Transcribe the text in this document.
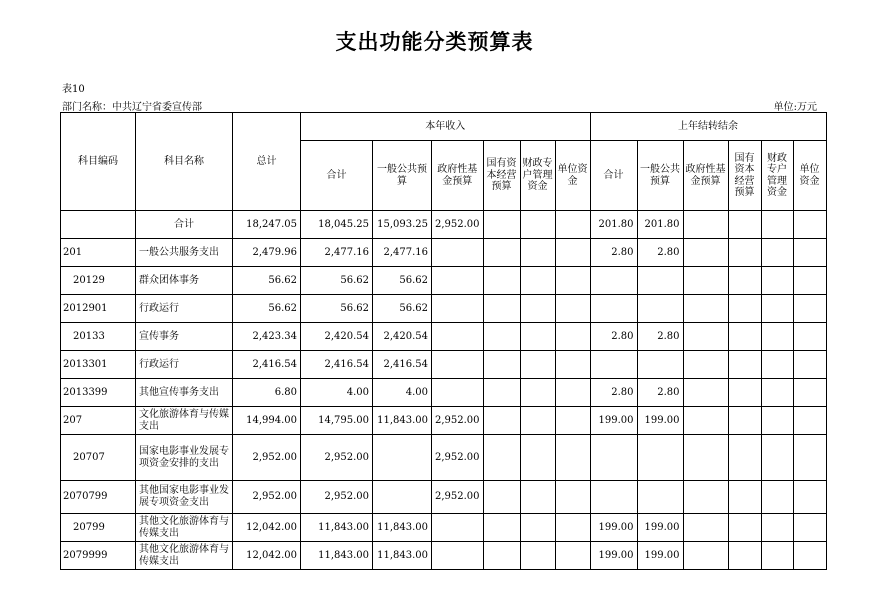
支出功能分类预算表
表10
部门名称：中共辽宁省委宣传部	单位:万元
科目编码	科目名称	总计	本年收入						上年结转结余					
			合计	一般公共预算	政府性基金预算	国有资本经营预算	财政专户管理资金	单位资金	合计	一般公共预算	政府性基金预算	国有资本经营预算	财政专户管理资金	单位资金
	合计	18,247.05	18,045.25	15,093.25	2,952.00				201.80	201.80				
201	一般公共服务支出	2,479.96	2,477.16	2,477.16					2.80	2.80				
20129	群众团体事务	56.62	56.62	56.62										
2012901	行政运行	56.62	56.62	56.62										
20133	宣传事务	2,423.34	2,420.54	2,420.54					2.80	2.80				
2013301	行政运行	2,416.54	2,416.54	2,416.54										
2013399	其他宣传事务支出	6.80	4.00	4.00					2.80	2.80				
207	文化旅游体育与传媒支出	14,994.00	14,795.00	11,843.00	2,952.00				199.00	199.00				
20707	国家电影事业发展专项资金安排的支出	2,952.00	2,952.00		2,952.00									
2070799	其他国家电影事业发展专项资金支出	2,952.00	2,952.00		2,952.00									
20799	其他文化旅游体育与传媒支出	12,042.00	11,843.00	11,843.00					199.00	199.00				
2079999	其他文化旅游体育与传媒支出	12,042.00	11,843.00	11,843.00					199.00	199.00				
